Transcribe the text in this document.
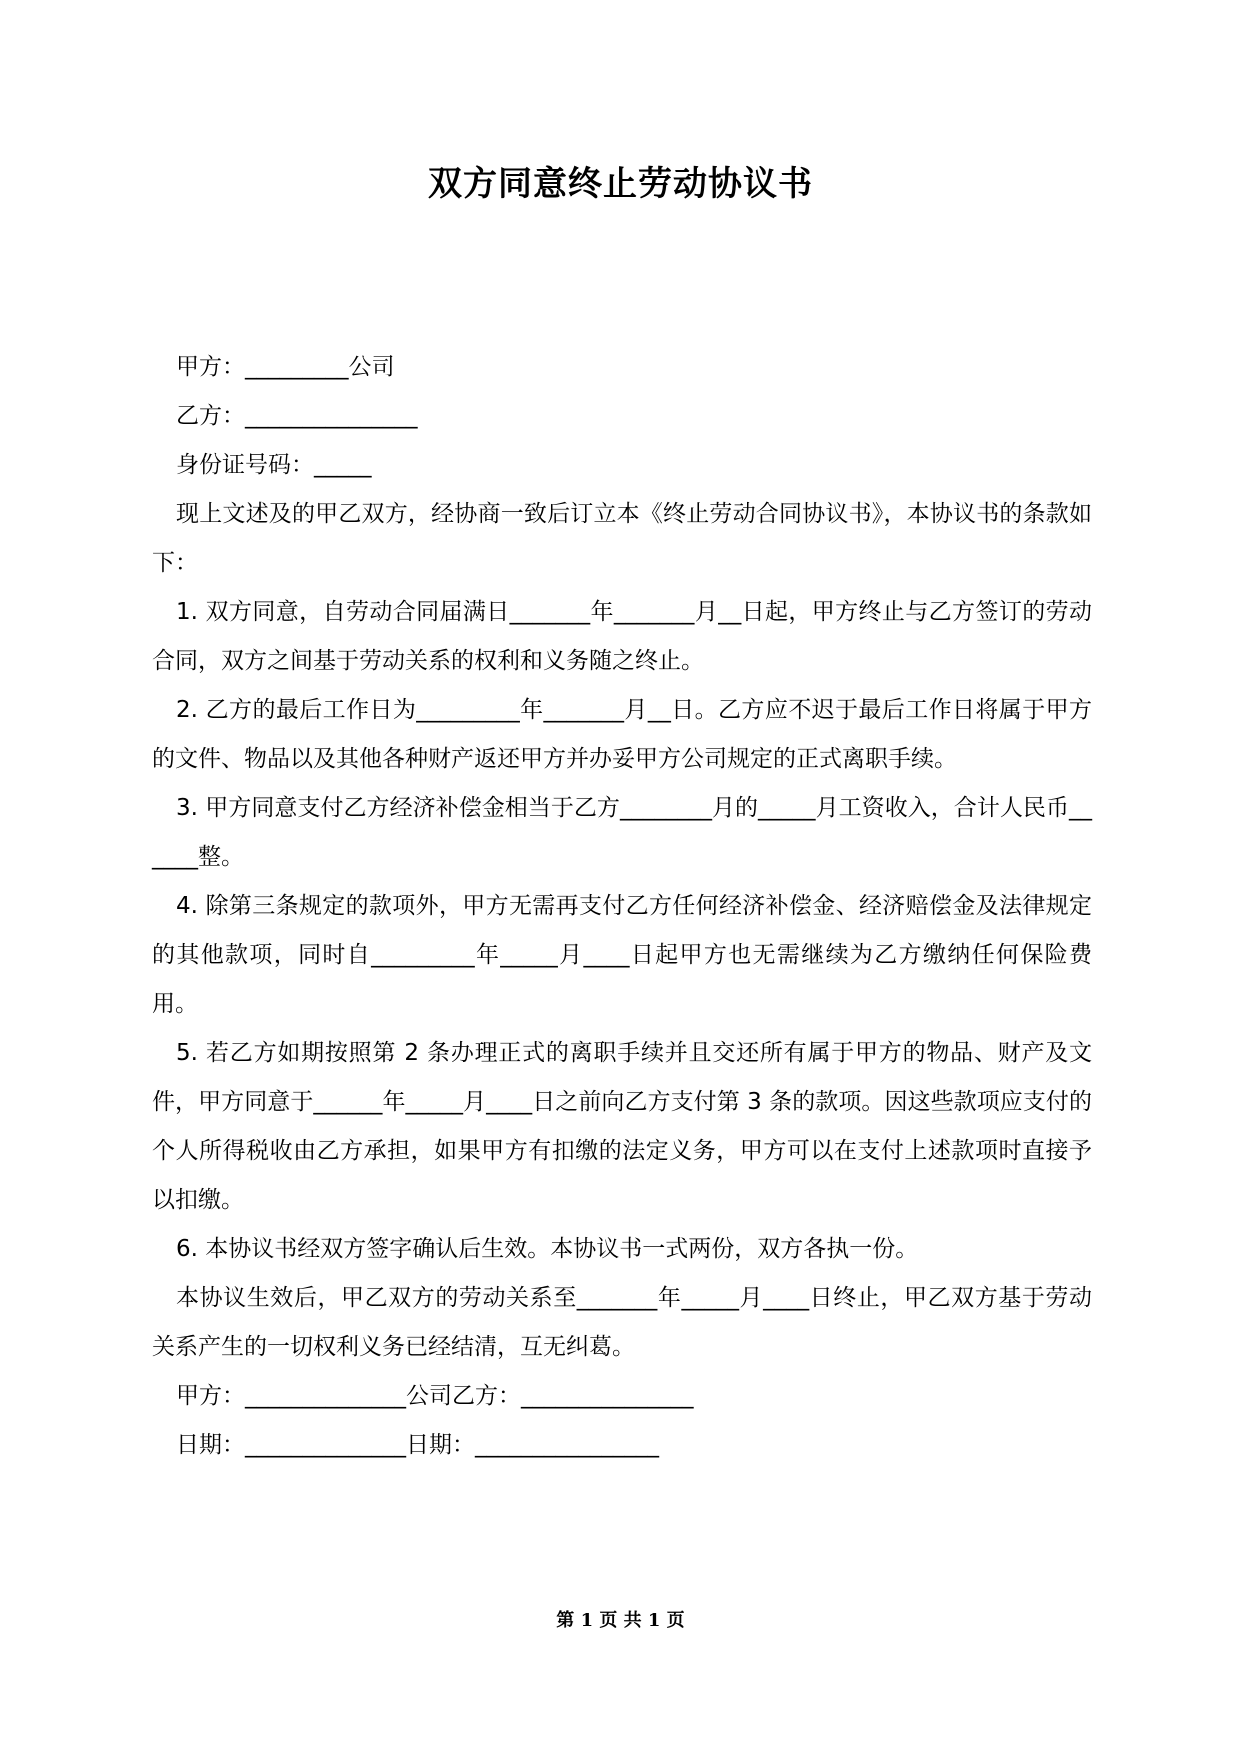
双方同意终止劳动协议书

甲方：_________公司

乙方：_______________

身份证号码：_____

现上文述及的甲乙双方，经协商一致后订立本《终止劳动合同协议书》，本协议书的条款如下：

1. 双方同意，自劳动合同届满日_______年_______月__日起，甲方终止与乙方签订的劳动合同，双方之间基于劳动关系的权利和义务随之终止。

2. 乙方的最后工作日为_________年_______月__日。乙方应不迟于最后工作日将属于甲方的文件、物品以及其他各种财产返还甲方并办妥甲方公司规定的正式离职手续。

3. 甲方同意支付乙方经济补偿金相当于乙方________月的_____月工资收入，合计人民币______整。

4. 除第三条规定的款项外，甲方无需再支付乙方任何经济补偿金、经济赔偿金及法律规定的其他款项，同时自_________年_____月____日起甲方也无需继续为乙方缴纳任何保险费用。

5. 若乙方如期按照第 2 条办理正式的离职手续并且交还所有属于甲方的物品、财产及文件，甲方同意于______年_____月____日之前向乙方支付第 3 条的款项。因这些款项应支付的个人所得税收由乙方承担，如果甲方有扣缴的法定义务，甲方可以在支付上述款项时直接予以扣缴。

6. 本协议书经双方签字确认后生效。本协议书一式两份，双方各执一份。

本协议生效后，甲乙双方的劳动关系至_______年_____月____日终止，甲乙双方基于劳动关系产生的一切权利义务已经结清，互无纠葛。

甲方：______________公司乙方：_______________

日期：______________日期：________________

第 1 页 共 1 页
